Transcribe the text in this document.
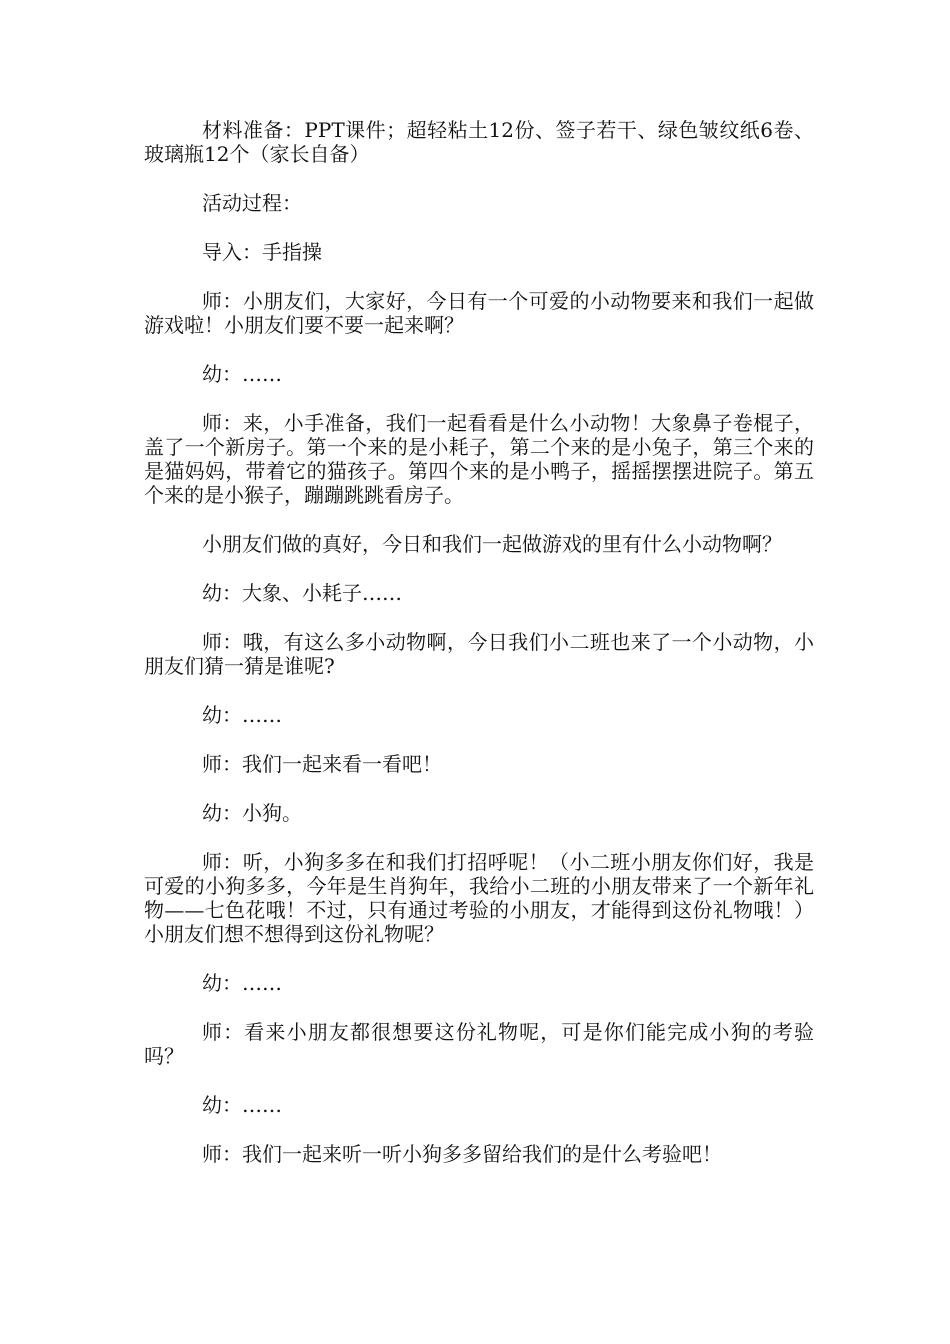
材料准备：PPT课件；超轻粘土12份、签子若干、绿色皱纹纸6卷、玻璃瓶12个（家长自备）

活动过程：

导入：手指操

师：小朋友们，大家好，今日有一个可爱的小动物要来和我们一起做游戏啦！小朋友们要不要一起来啊？

幼：……

师：来，小手准备，我们一起看看是什么小动物！大象鼻子卷棍子，盖了一个新房子。第一个来的是小耗子，第二个来的是小兔子，第三个来的是猫妈妈，带着它的猫孩子。第四个来的是小鸭子，摇摇摆摆进院子。第五个来的是小猴子，蹦蹦跳跳看房子。

小朋友们做的真好，今日和我们一起做游戏的里有什么小动物啊？

幼：大象、小耗子……

师：哦，有这么多小动物啊，今日我们小二班也来了一个小动物，小朋友们猜一猜是谁呢?

幼：……

师：我们一起来看一看吧！

幼：小狗。

师：听，小狗多多在和我们打招呼呢！（小二班小朋友你们好，我是可爱的小狗多多，今年是生肖狗年，我给小二班的小朋友带来了一个新年礼物——七色花哦！不过，只有通过考验的小朋友，才能得到这份礼物哦！）小朋友们想不想得到这份礼物呢？

幼：……

师：看来小朋友都很想要这份礼物呢，可是你们能完成小狗的考验吗？

幼：……

师：我们一起来听一听小狗多多留给我们的是什么考验吧！
